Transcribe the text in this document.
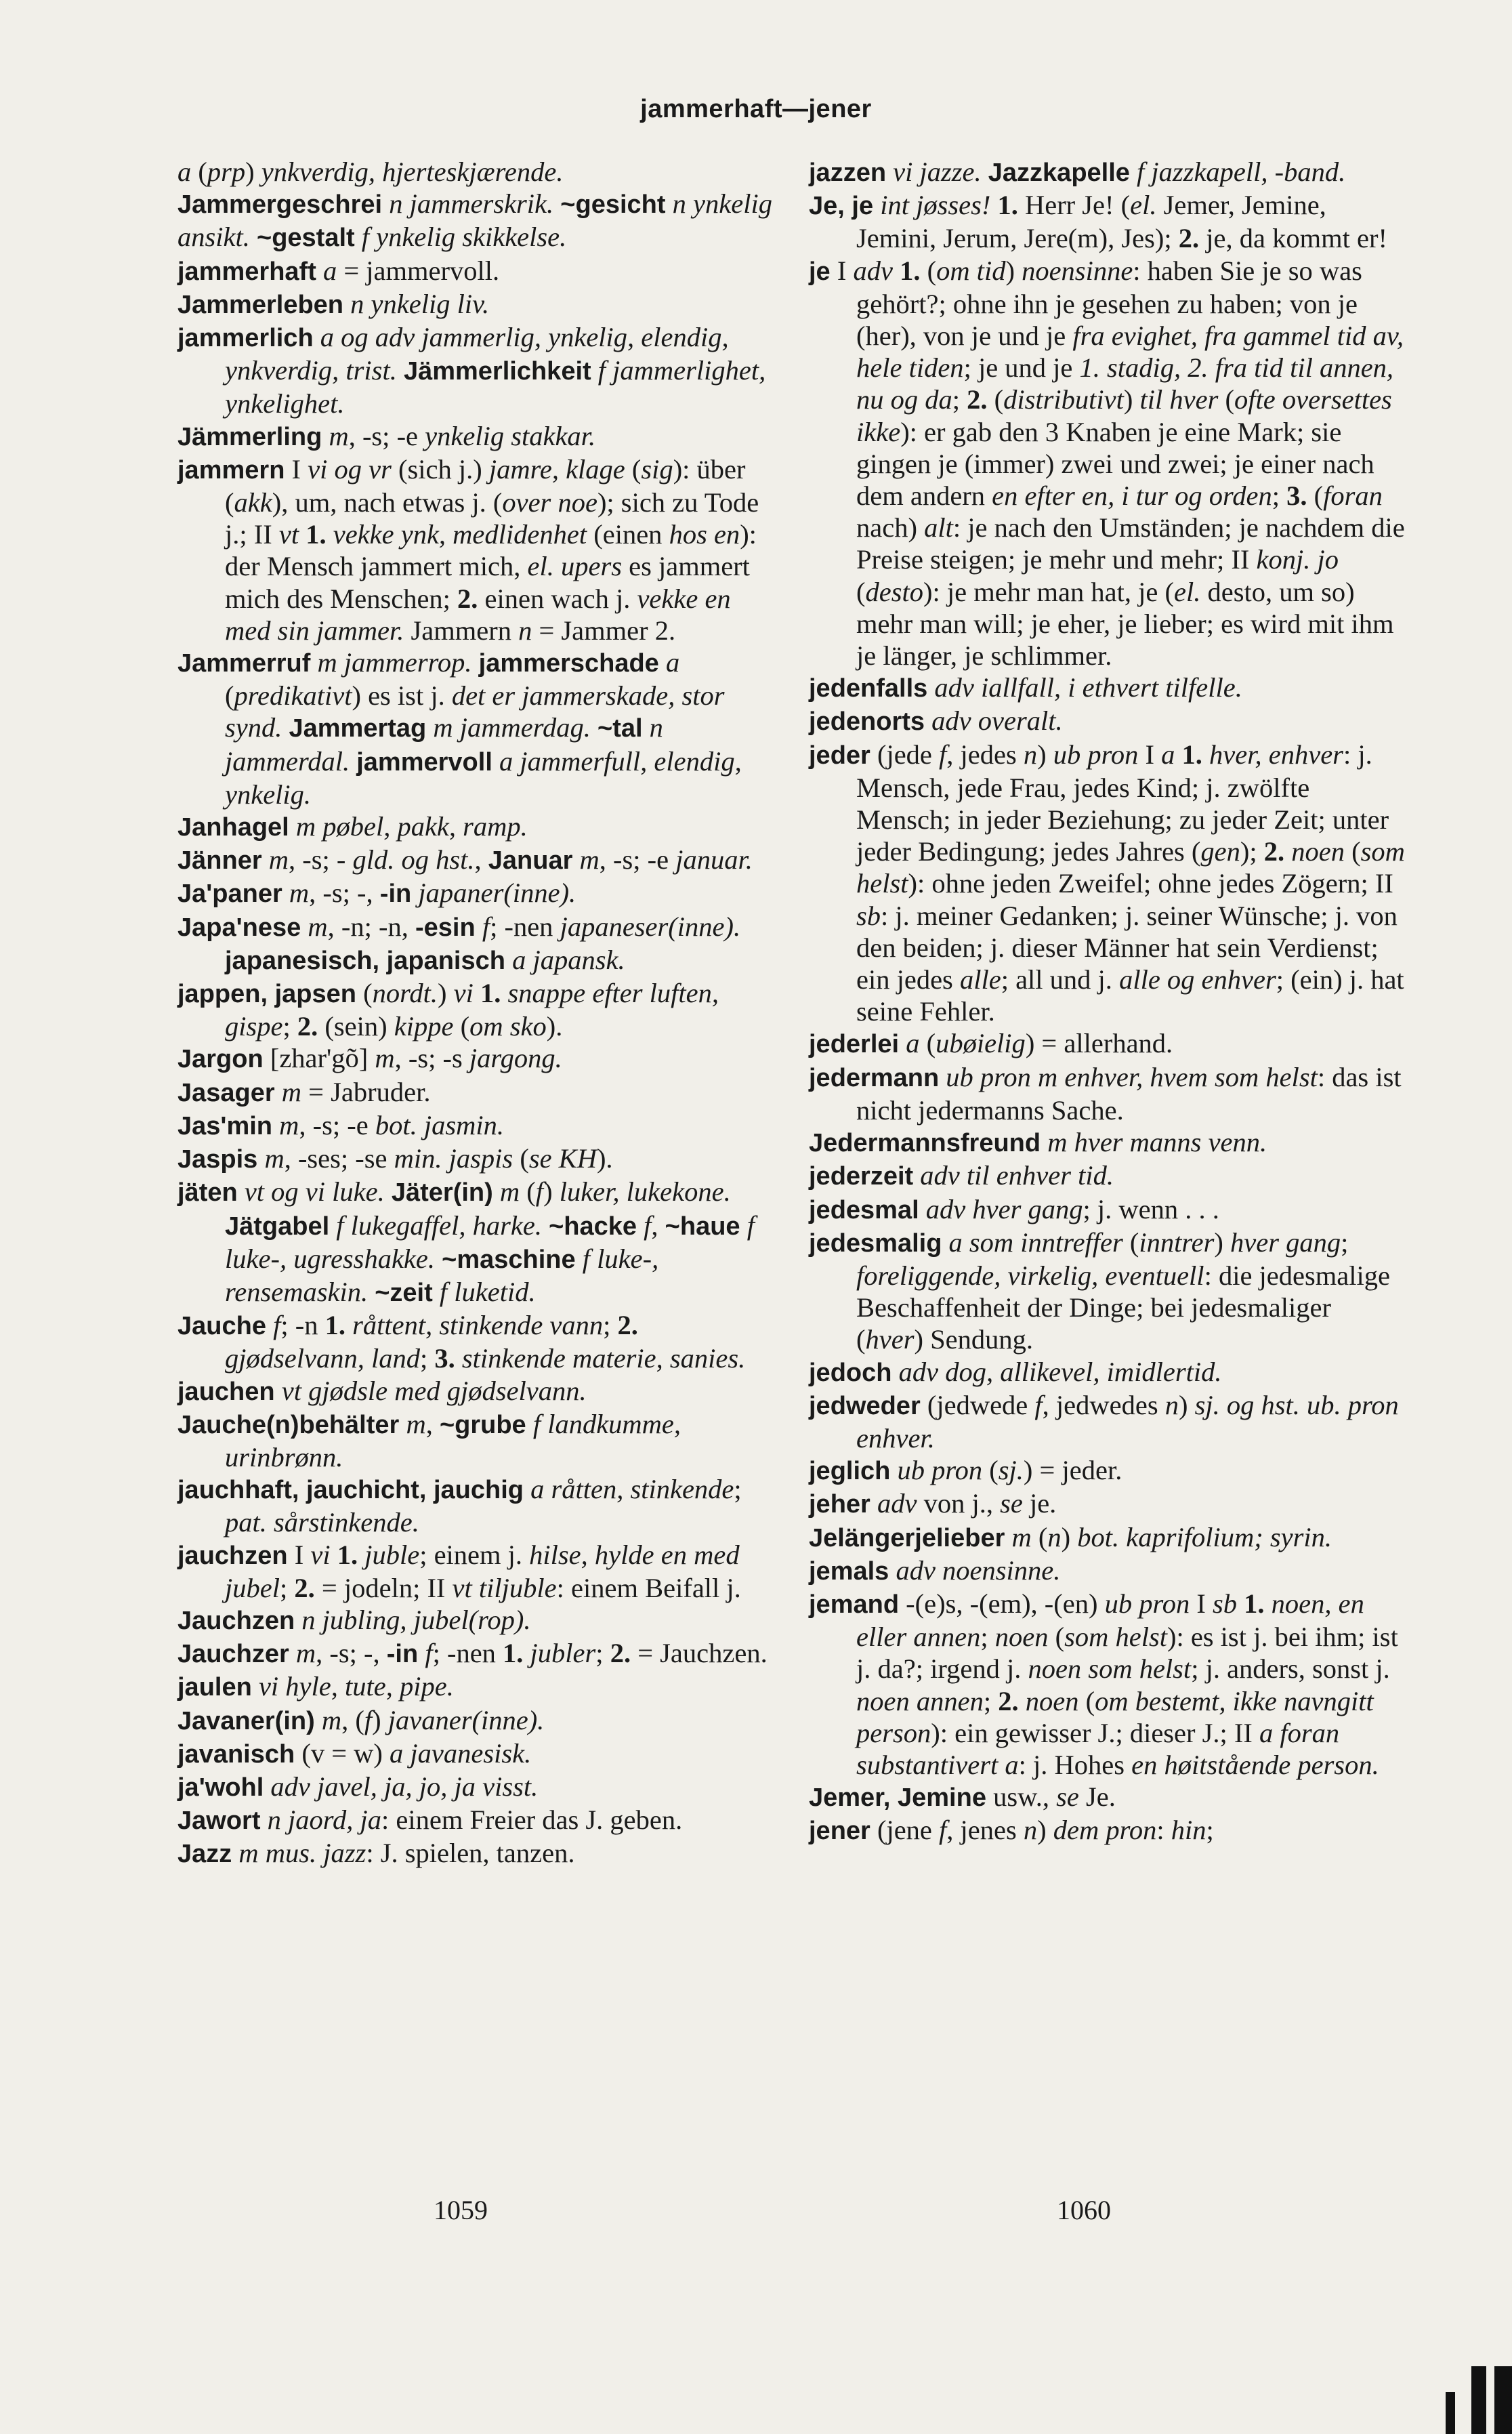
jammerhaft—jener

a (prp) ynkverdig, hjerteskjærende. Jammergeschrei n jammerskrik. ~gesicht n ynkelig ansikt. ~gestalt f ynkelig skikkelse.

jammerhaft a = jammervoll.

Jammerleben n ynkelig liv.

jammerlich a og adv jammerlig, ynkelig, elendig, ynkverdig, trist. Jämmerlichkeit f jammerlighet, ynkelighet.

Jämmerling m, -s; -e ynkelig stakkar.

jammern I vi og vr (sich j.) jamre, klage (sig): über (akk), um, nach etwas j. (over noe); sich zu Tode j.; II vt 1. vekke ynk, medlidenhet (einen hos en): der Mensch jammert mich, el. upers es jammert mich des Menschen; 2. einen wach j. vekke en med sin jammer. Jammern n = Jammer 2.

Jammerruf m jammerrop. jammerschade a (predikativt) es ist j. det er jammerskade, stor synd. Jammertag m jammerdag. ~tal n jammerdal. jammervoll a jammerfull, elendig, ynkelig.

Janhagel m pøbel, pakk, ramp.

Jänner m, -s; - gld. og hst., Januar m, -s; -e januar.

Ja'paner m, -s; -, -in japaner(inne).

Japa'nese m, -n; -n, -esin f; -nen japaneser(inne). japanesisch, japanisch a japansk.

jappen, japsen (nordt.) vi 1. snappe efter luften, gispe; 2. (sein) kippe (om sko).

Jargon [zhar'gõ] m, -s; -s jargong.

Jasager m = Jabruder.

Jas'min m, -s; -e bot. jasmin.

Jaspis m, -ses; -se min. jaspis (se KH).

jäten vt og vi luke. Jäter(in) m (f) luker, lukekone. Jätgabel f lukegaffel, harke. ~hacke f, ~haue f luke-, ugresshakke. ~maschine f luke-, rensemaskin. ~zeit f luketid.

Jauche f; -n 1. råttent, stinkende vann; 2. gjødselvann, land; 3. stinkende materie, sanies.

jauchen vt gjødsle med gjødselvann.

Jauche(n)behälter m, ~grube f landkumme, urinbrønn.

jauchhaft, jauchicht, jauchig a råtten, stinkende; pat. sårstinkende.

jauchzen I vi 1. juble; einem j. hilse, hylde en med jubel; 2. = jodeln; II vt tiljuble: einem Beifall j.

Jauchzen n jubling, jubel(rop).

Jauchzer m, -s; -, -in f; -nen 1. jubler; 2. = Jauchzen.

jaulen vi hyle, tute, pipe.

Javaner(in) m, (f) javaner(inne).

javanisch (v = w) a javanesisk.

ja'wohl adv javel, ja, jo, ja visst.

Jawort n jaord, ja: einem Freier das J. geben.

Jazz m mus. jazz: J. spielen, tanzen.

jazzen vi jazze. Jazzkapelle f jazzkapell, -band.

Je, je int jøsses! 1. Herr Je! (el. Jemer, Jemine, Jemini, Jerum, Jere(m), Jes); 2. je, da kommt er!

je I adv 1. (om tid) noensinne: haben Sie je so was gehört?; ohne ihn je gesehen zu haben; von je (her), von je und je fra evighet, fra gammel tid av, hele tiden; je und je 1. stadig, 2. fra tid til annen, nu og da; 2. (distributivt) til hver (ofte oversettes ikke): er gab den 3 Knaben je eine Mark; sie gingen je (immer) zwei und zwei; je einer nach dem andern en efter en, i tur og orden; 3. (foran nach) alt: je nach den Umständen; je nachdem die Preise steigen; je mehr und mehr; II konj. jo (desto): je mehr man hat, je (el. desto, um so) mehr man will; je eher, je lieber; es wird mit ihm je länger, je schlimmer.

jedenfalls adv iallfall, i ethvert tilfelle.

jedenorts adv overalt.

jeder (jede f, jedes n) ub pron I a 1. hver, enhver: j. Mensch, jede Frau, jedes Kind; j. zwölfte Mensch; in jeder Beziehung; zu jeder Zeit; unter jeder Bedingung; jedes Jahres (gen); 2. noen (som helst): ohne jeden Zweifel; ohne jedes Zögern; II sb: j. meiner Gedanken; j. seiner Wünsche; j. von den beiden; j. dieser Männer hat sein Verdienst; ein jedes alle; all und j. alle og enhver; (ein) j. hat seine Fehler.

jederlei a (ubøielig) = allerhand.

jedermann ub pron m enhver, hvem som helst: das ist nicht jedermanns Sache.

Jedermannsfreund m hver manns venn.

jederzeit adv til enhver tid.

jedesmal adv hver gang; j. wenn . . .

jedesmalig a som inntreffer (inntrer) hver gang; foreliggende, virkelig, eventuell: die jedesmalige Beschaffenheit der Dinge; bei jedesmaliger (hver) Sendung.

jedoch adv dog, allikevel, imidlertid.

jedweder (jedwede f, jedwedes n) sj. og hst. ub. pron enhver.

jeglich ub pron (sj.) = jeder.

jeher adv von j., se je.

Jelängerjelieber m (n) bot. kaprifolium; syrin.

jemals adv noensinne.

jemand -(e)s, -(em), -(en) ub pron I sb 1. noen, en eller annen; noen (som helst): es ist j. bei ihm; ist j. da?; irgend j. noen som helst; j. anders, sonst j. noen annen; 2. noen (om bestemt, ikke navngitt person): ein gewisser J.; dieser J.; II a foran substantivert a: j. Hohes en høitstående person.

Jemer, Jemine usw., se Je.

jener (jene f, jenes n) dem pron: hin;

1059	1060
